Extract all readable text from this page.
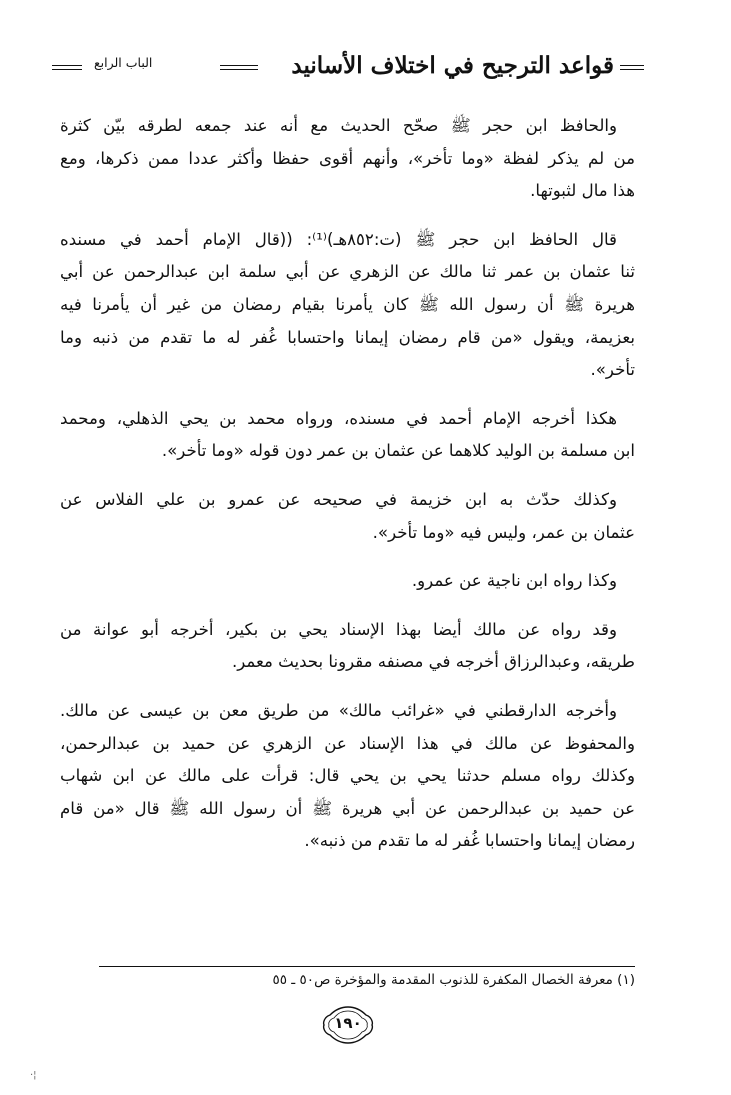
قواعد الترجيح في اختلاف الأسانيد
الباب الرابع
والحافظ ابن حجر ﷺ صحّح الحديث مع أنه عند جمعه لطرقه بيّن كثرة
من لم يذكر لفظة «وما تأخر»، وأنهم أقوى حفظا وأكثر عددا ممن ذكرها، ومع
هذا مال لثبوتها.
قال الحافظ ابن حجر ﷺ (ت:٨٥٢هـ)⁽¹⁾: ((قال الإمام أحمد في مسنده
ثنا عثمان بن عمر ثنا مالك عن الزهري عن أبي سلمة ابن عبدالرحمن عن أبي
هريرة ﷺ أن رسول الله ﷺ كان يأمرنا بقيام رمضان من غير أن يأمرنا فيه
بعزيمة، ويقول «من قام رمضان إيمانا واحتسابا غُفر له ما تقدم من ذنبه وما
تأخر».
هكذا أخرجه الإمام أحمد في مسنده، ورواه محمد بن يحي الذهلي، ومحمد
ابن مسلمة بن الوليد كلاهما عن عثمان بن عمر دون قوله «وما تأخر».
وكذلك حدّث به ابن خزيمة في صحيحه عن عمرو بن علي الفلاس عن
عثمان بن عمر، وليس فيه «وما تأخر».
وكذا رواه ابن ناجية عن عمرو.
وقد رواه عن مالك أيضا بهذا الإسناد يحي بن بكير، أخرجه أبو عوانة من
طريقه، وعبدالرزاق أخرجه في مصنفه مقرونا بحديث معمر.
وأخرجه الدارقطني في «غرائب مالك» من طريق معن بن عيسى عن مالك.
والمحفوظ عن مالك في هذا الإسناد عن الزهري عن حميد بن عبدالرحمن،
وكذلك رواه مسلم حدثنا يحي بن يحي قال: قرأت على مالك عن ابن شهاب
عن حميد بن عبدالرحمن عن أبي هريرة ﷺ أن رسول الله ﷺ قال «من قام
رمضان إيمانا واحتسابا غُفر له ما تقدم من ذنبه».
(١) معرفة الخصال المكفرة للذنوب المقدمة والمؤخرة ص٥٠ ـ ٥٥
١٩٠
·¦
